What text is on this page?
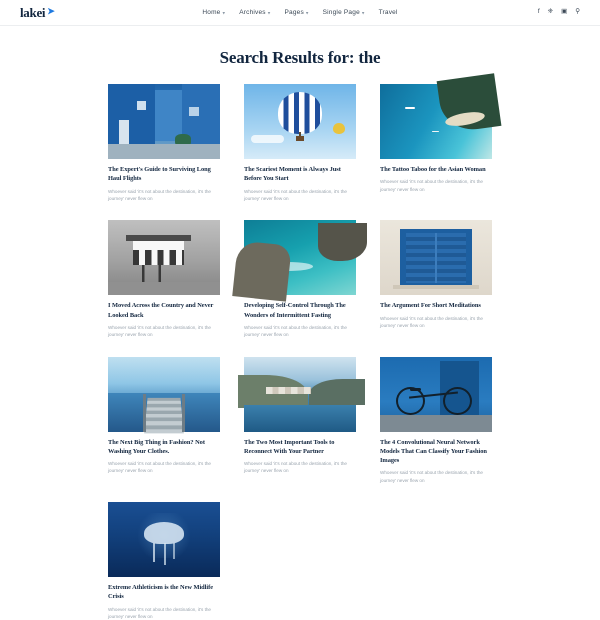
lakei ➤	Home ▾ Archives ▾ Pages ▾ Single Page ▾ Travel	f ❈ ▣ ⚲
Search Results for: the
The Expert's Guide to Surviving Long Haul Flights
Whoever said 'it's not about the destination, it's the journey' never flew on
The Scariest Moment is Always Just Before You Start
Whoever said 'it's not about the destination, it's the journey' never flew on
The Tattoo Taboo for the Asian Woman
Whoever said 'it's not about the destination, it's the journey' never flew on
I Moved Across the Country and Never Looked Back
Whoever said 'it's not about the destination, it's the journey' never flew on
Developing Self-Control Through The Wonders of Intermittent Fasting
Whoever said 'it's not about the destination, it's the journey' never flew on
The Argument For Short Meditations
Whoever said 'it's not about the destination, it's the journey' never flew on
The Next Big Thing in Fashion? Not Washing Your Clothes.
Whoever said 'it's not about the destination, it's the journey' never flew on
The Two Most Important Tools to Reconnect With Your Partner
Whoever said 'it's not about the destination, it's the journey' never flew on
The 4 Convolutional Neural Network Models That Can Classify Your Fashion Images
Whoever said 'it's not about the destination, it's the journey' never flew on
Extreme Athleticism is the New Midlife Crisis
Whoever said 'it's not about the destination, it's the journey' never flew on
